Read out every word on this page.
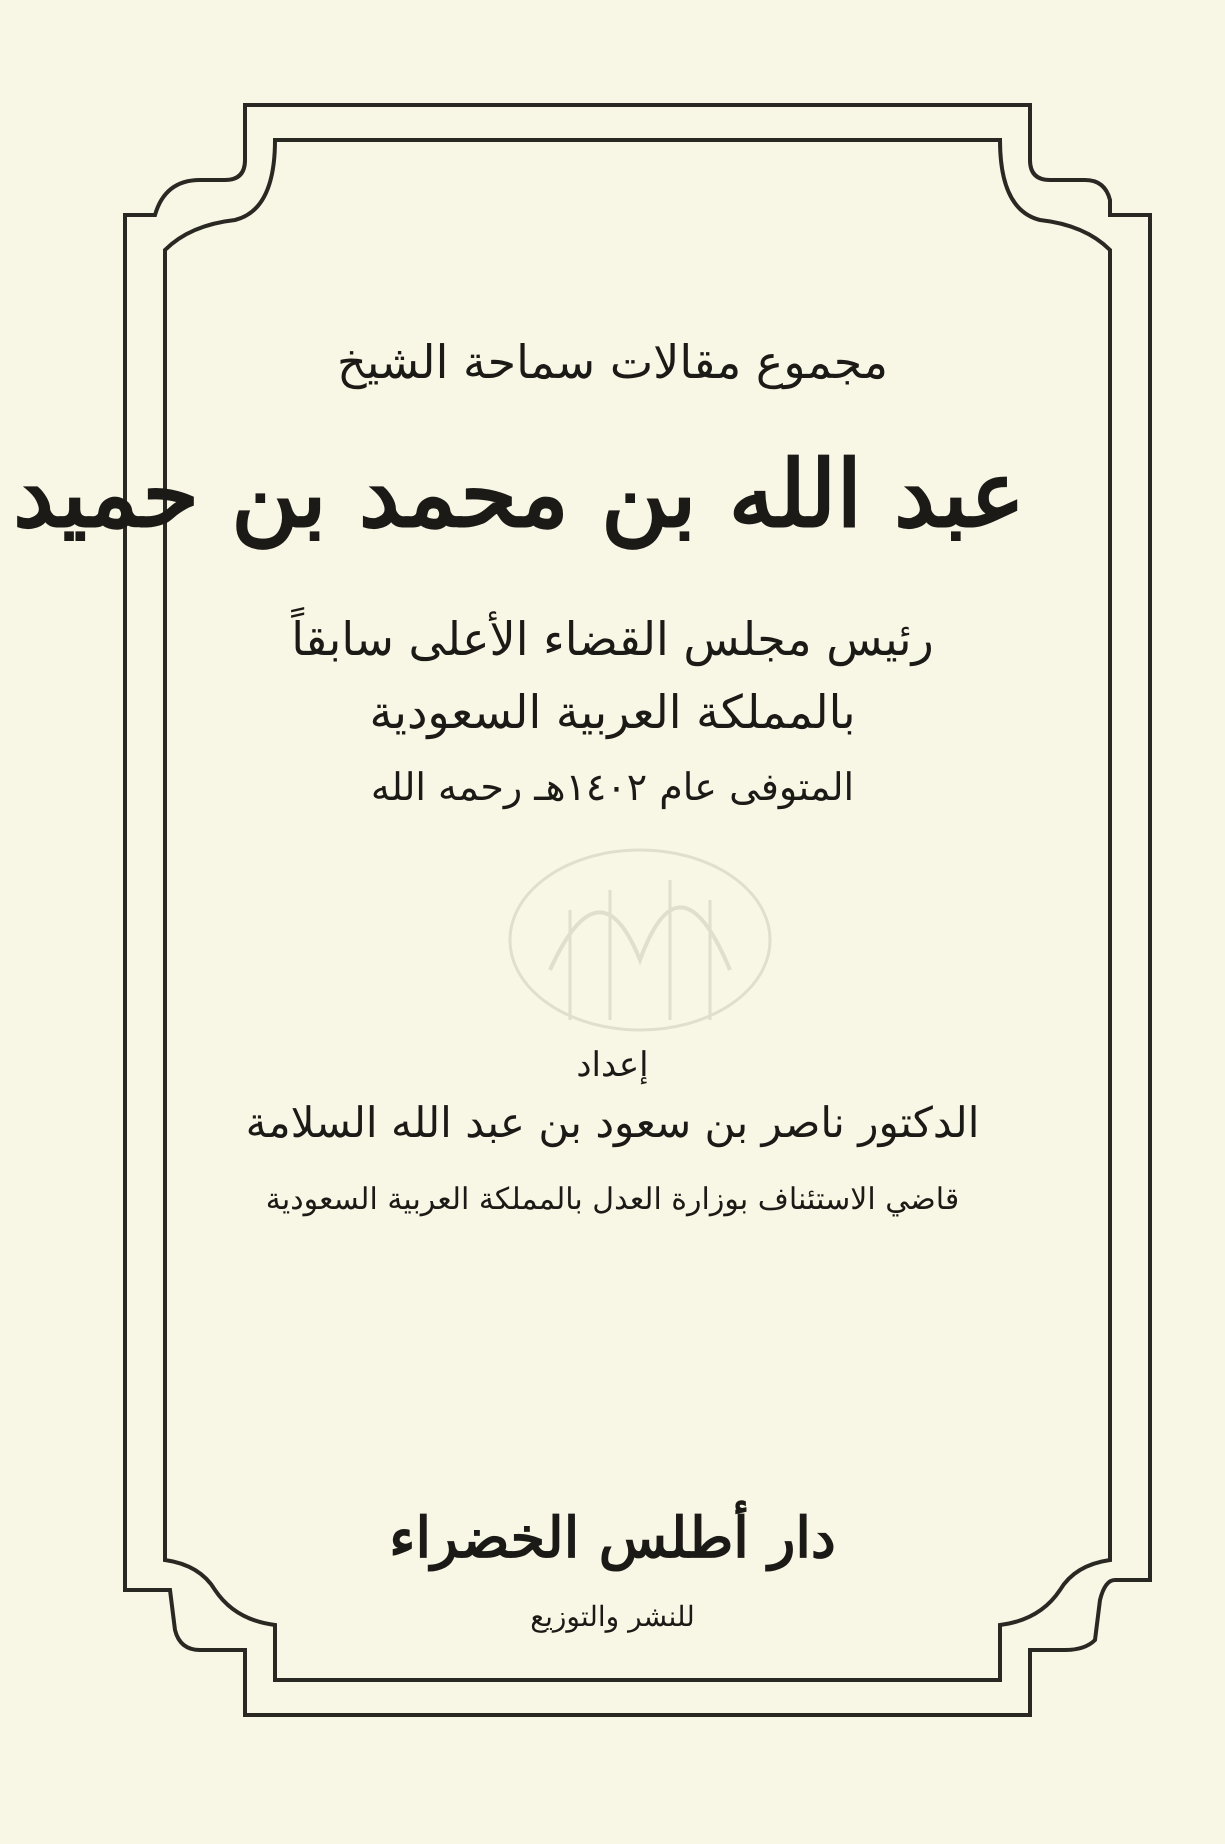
مجموع مقالات سماحة الشيخ
عبد الله بن محمد بن حميد
رئيس مجلس القضاء الأعلى سابقاً
بالمملكة العربية السعودية
المتوفى عام ١٤٠٢هـ رحمه الله
إعداد
الدكتور ناصر بن سعود بن عبد الله السلامة
قاضي الاستئناف بوزارة العدل بالمملكة العربية السعودية
دار أطلس الخضراء
للنشر والتوزيع
